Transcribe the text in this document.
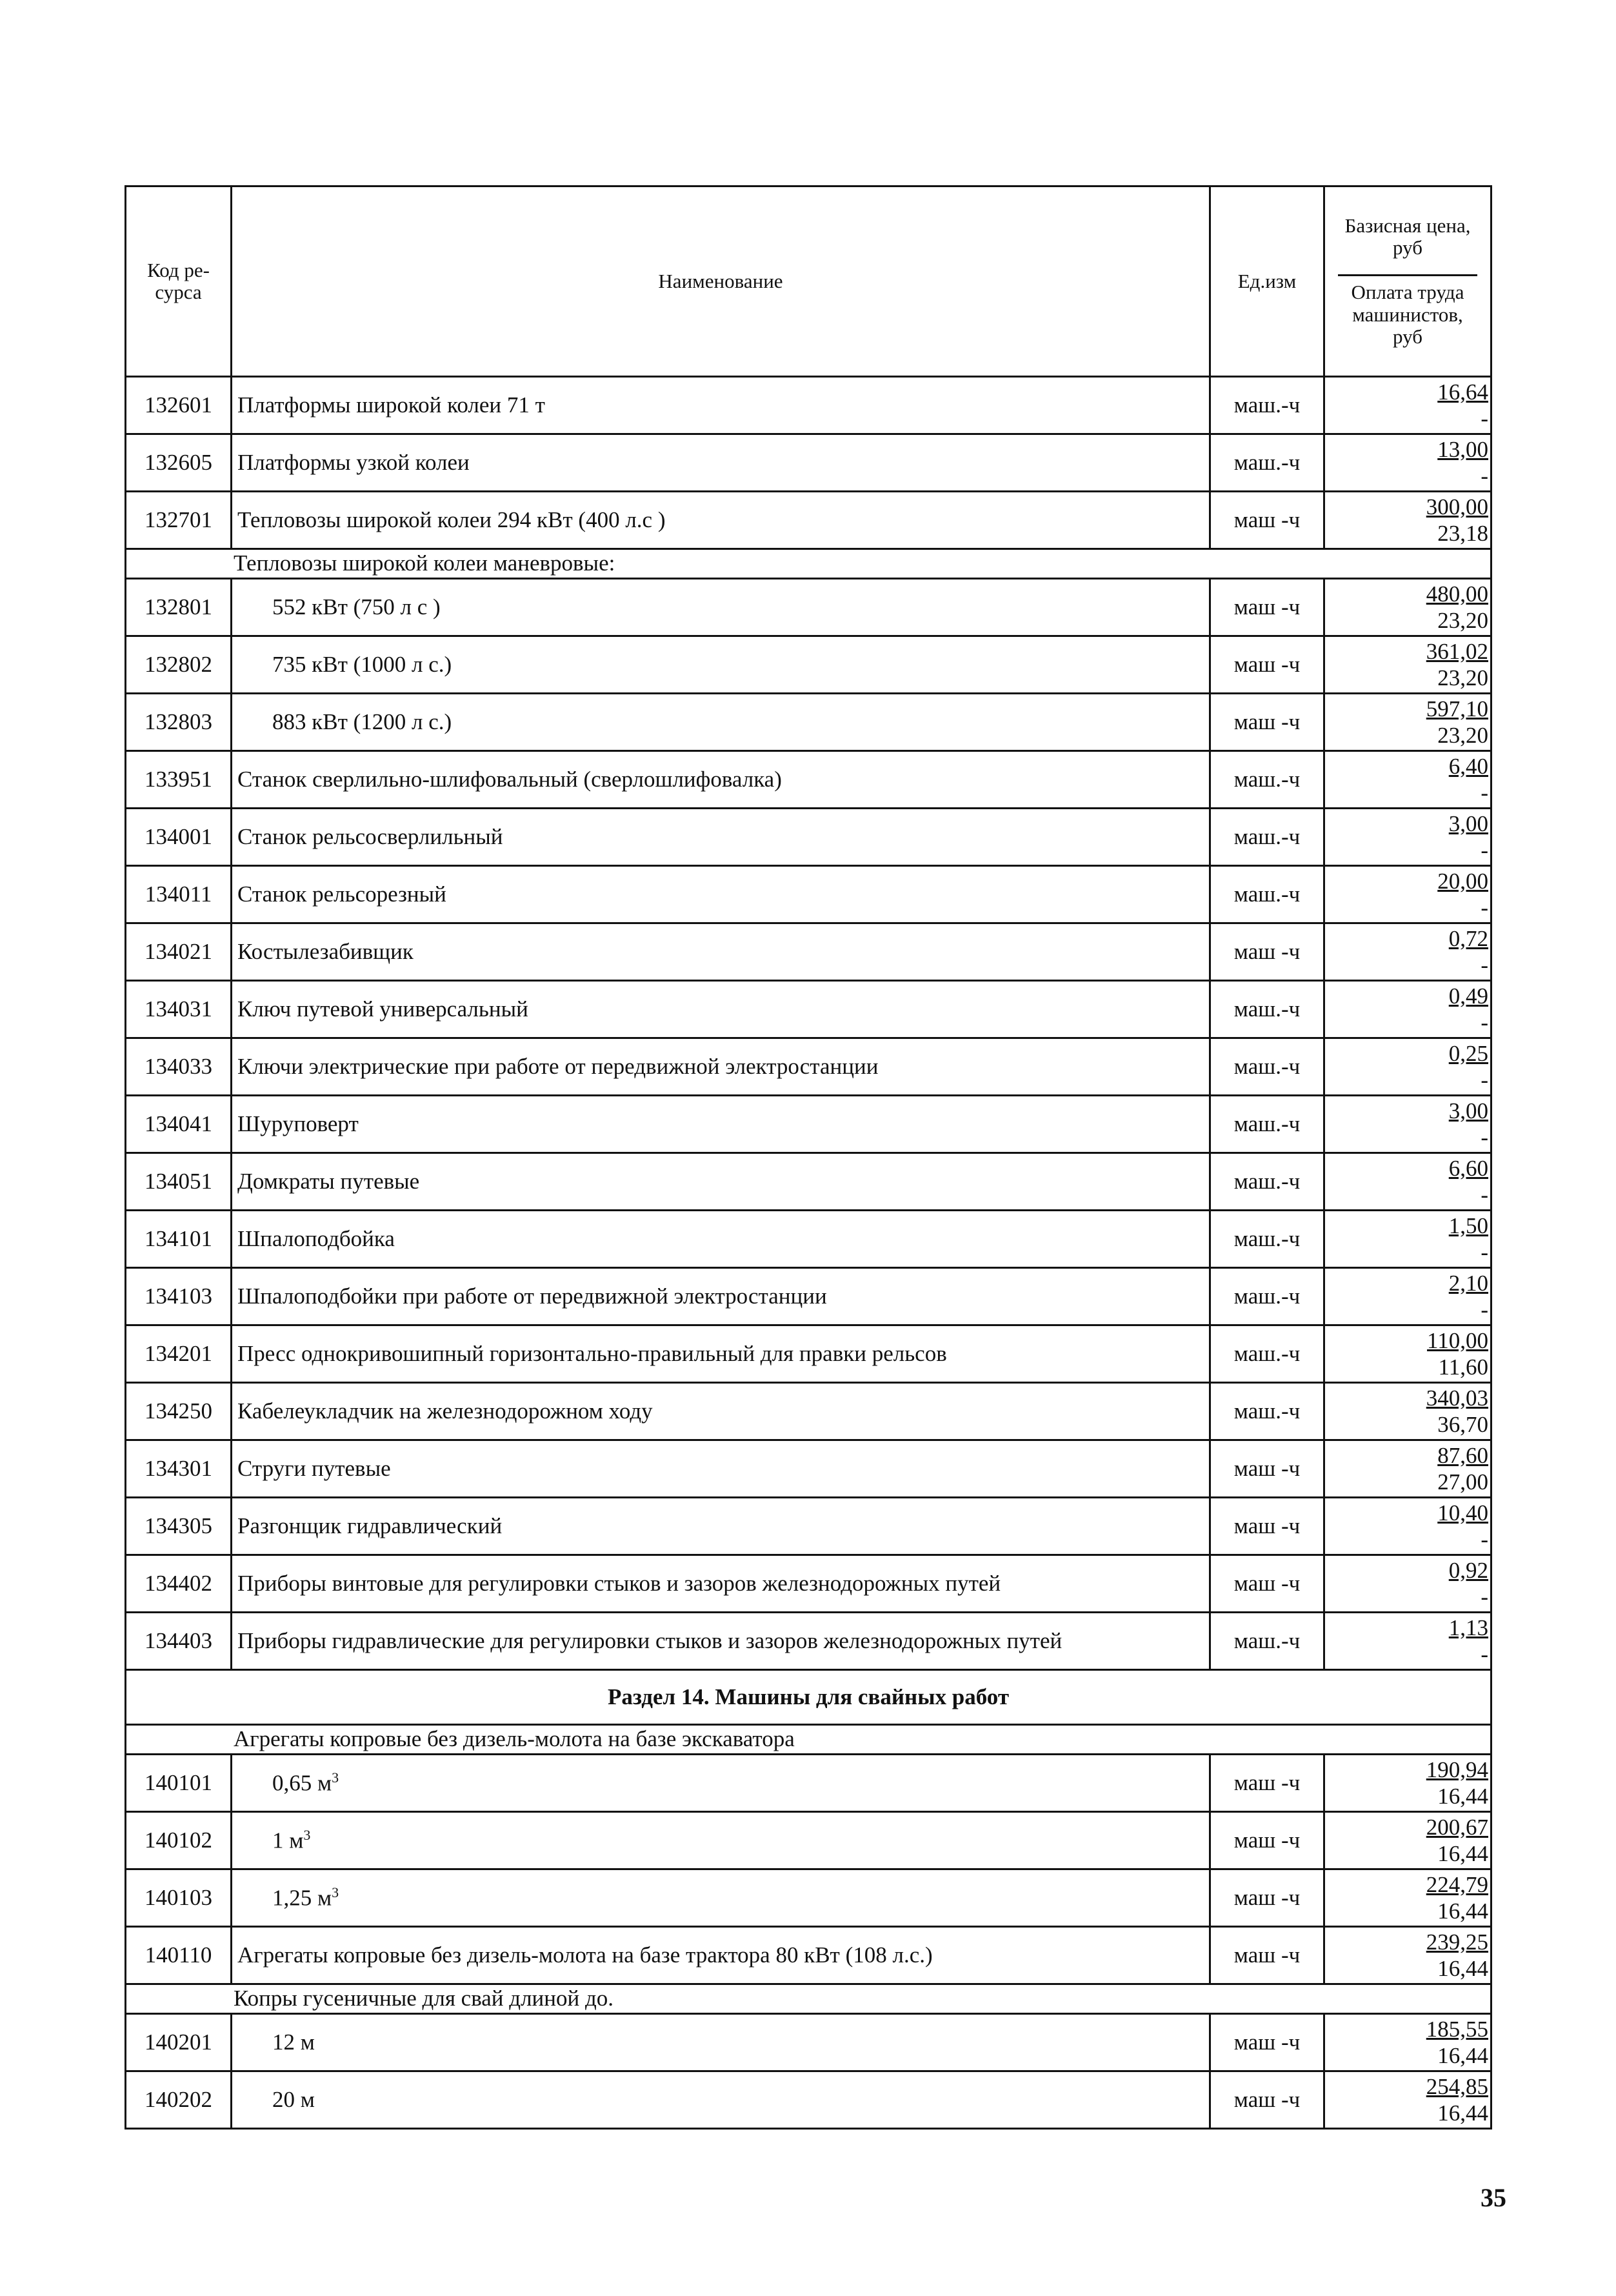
Код ре-
сурса	Наименование	Ед.изм	Базисная цена,
руб
Оплата труда
машинистов,
руб

132601	Платформы широкой колеи 71 т	маш.-ч	16,64
-

132605	Платформы узкой колеи	маш.-ч	13,00
-

132701	Тепловозы широкой колеи 294 кВт (400 л.с )	маш -ч	300,00
23,18

Тепловозы широкой колеи маневровые:			
132801	552 кВт (750 л с )	маш -ч	480,00
23,20

132802	735 кВт (1000 л с.)	маш -ч	361,02
23,20

132803	883 кВт (1200 л с.)	маш -ч	597,10
23,20

133951	Станок сверлильно-шлифовальный (сверлошлифовалка)	маш.-ч	6,40
-

134001	Станок рельсосверлильный	маш.-ч	3,00
-

134011	Станок рельсорезный	маш.-ч	20,00
-

134021	Костылезабивщик	маш -ч	0,72
-

134031	Ключ путевой универсальный	маш.-ч	0,49
-

134033	Ключи электрические при работе от передвижной электростанции	маш.-ч	0,25
-

134041	Шуруповерт	маш.-ч	3,00
-

134051	Домкраты путевые	маш.-ч	6,60
-

134101	Шпалоподбойка	маш.-ч	1,50
-

134103	Шпалоподбойки при работе от передвижной электростанции	маш.-ч	2,10
-

134201	Пресс однокривошипный горизонтально-правильный для правки рельсов	маш.-ч	110,00
11,60

134250	Кабелеукладчик на железнодорожном ходу	маш.-ч	340,03
36,70

134301	Струги путевые	маш -ч	87,60
27,00

134305	Разгонщик гидравлический	маш -ч	10,40
-

134402	Приборы винтовые для регулировки стыков и зазоров железнодорожных путей	маш -ч	0,92
-

134403	Приборы гидравлические для регулировки стыков и зазоров железнодорожных путей	маш.-ч	1,13
-

Раздел 14. Машины для свайных работ			
Агрегаты копровые без дизель-молота на базе экскаватора			
140101	0,65 $м^3$	маш -ч	190,94
16,44

140102	1 $м^3$	маш -ч	200,67
16,44

140103	1,25 $м^3$	маш -ч	224,79
16,44

140110	Агрегаты копровые без дизель-молота на базе трактора 80 кВт (108 л.с.)	маш -ч	239,25
16,44

Копры гусеничные для свай длиной до.			
140201	12 м	маш -ч	185,55
16,44

140202	20 м	маш -ч	254,85
16,44
35
